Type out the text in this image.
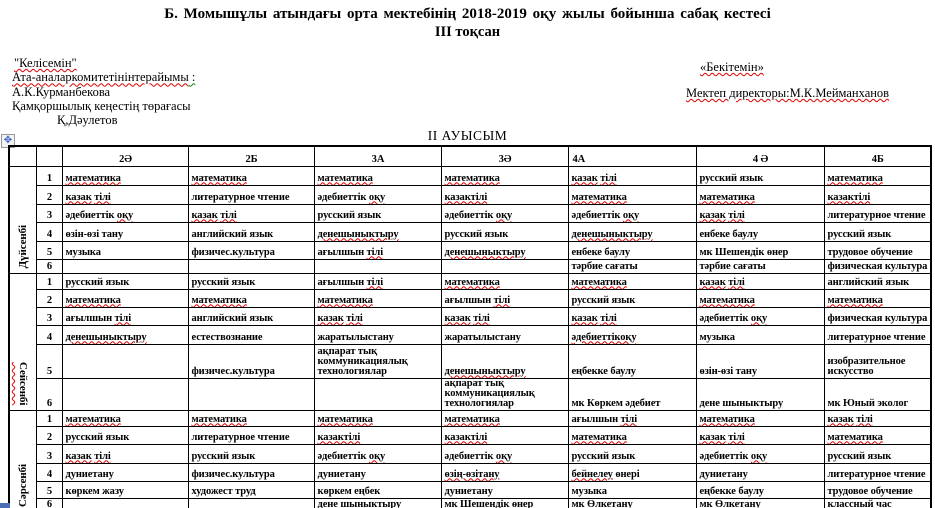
Б. Момышұлы атындағы орта мектебінің 2018-2019 оқу жылы бойынша сабақ кестесі
III тоқсан
"Келісемін"
Ата-аналаркомитетінінтерайымы :
А.К.Курманбекова
Қамқоршылық кеңестің төрағасы
Қ,Дәулетов
«Бекітемін»
Мектеп директоры:М.К.Мейманханов
II АУЫСЫМ
✥
		2Ә	2Б	3А	3Ә	4А	4 Ә	4Б
Дүйсенбі	1	математика	математика	математика	математика	казак тілі	русский язык	математика
	2	казак тілі	литературное чтение	әдебиеттік оқу	казактілі	математика	математика	казактілі
	3	әдебиеттік оқу	казак тілі	русский язык	әдебиеттік оқу	әдебиеттік оқу	казак тілі	литературное чтение
	4	өзін-өзі тану	английский язык	денешыныктыру	русский язык	денешыныктыру	енбеке баулу	русский язык
	5	музыка	физичес.культура	ағылшын тілі	денешыныктыру	енбеке баулу	мк Шешендік өнер	трудовое обучение
	6					тәрбие сағаты	тәрбие сағаты	физическая культура
Сейсенбі	1	русский язык	русский язык	ағылшын тілі	математика	математика	казак тілі	английский язык
	2	математика	математика	математика	ағылшын тілі	русский язык	математика	математика
	3	ағылшын тілі	английский язык	казак тілі	казак тілі	казак тілі	әдебиеттік оқу	физическая культура
	4	денешыныктыру	естествознание	жаратылыстану	жаратылыстану	әдебиеттікоқу	музыка	литературное чтение
	5		физичес.культура	ақпарат тық коммуникациялық технологиялар	денешыныктыру	еңбекке баулу	өзін-өзі тану	изобразительное искусство
	6				ақпарат тық коммуникациялық технологиялар	мк Көркем әдебиет	дене шыныктыру	мк Юный эколог
Сәрсенбі	1	математика	математика	математика	математика	ағылшын тілі	математика	казак тілі
	2	русский язык	литературное чтение	казактілі	казактілі	математика	казак тілі	математика
	3	казак тілі	русский язык	әдебиеттік оқу	әдебиеттік оқу	русский язык	әдебиеттік оқу	русский язык
	4	дуниетану	физичес.культура	дуниетану	өзің-өзітану	бейнелеу өнері	дуниетану	литературное чтение
	5	көркем жазу	художест труд	көркем еңбек	дуниетану	музыка	еңбекке баулу	трудовое обучение
	6			дене шыныктыру	мк Шешендік өнер	мк Өлкетану	мк Өлкетану	классный час
